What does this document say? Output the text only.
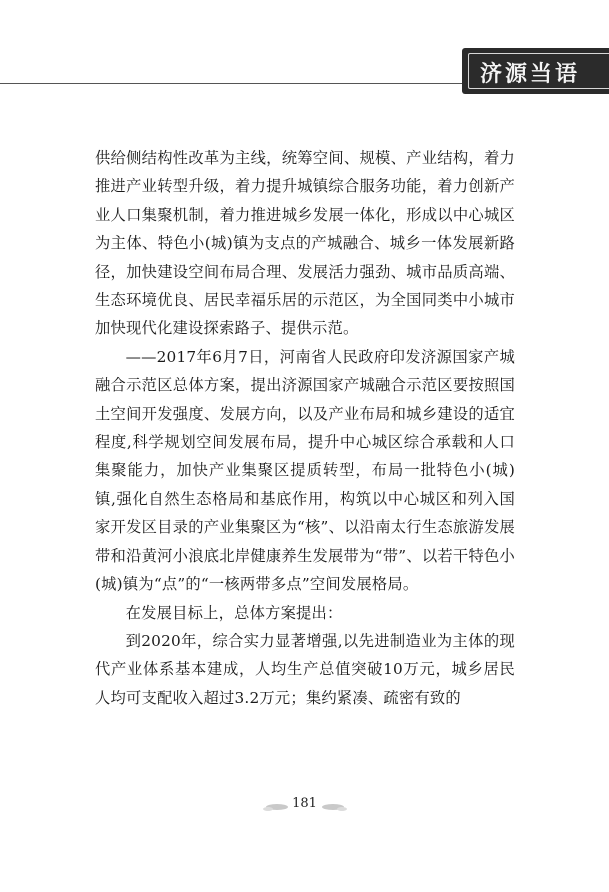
济源当语

供给侧结构性改革为主线，统筹空间、规模、产业结构，着力推进产业转型升级，着力提升城镇综合服务功能，着力创新产业人口集聚机制，着力推进城乡发展一体化，形成以中心城区为主体、特色小(城)镇为支点的产城融合、城乡一体发展新路径，加快建设空间布局合理、发展活力强劲、城市品质高端、生态环境优良、居民幸福乐居的示范区，为全国同类中小城市加快现代化建设探索路子、提供示范。

——2017年6月7日，河南省人民政府印发济源国家产城融合示范区总体方案，提出济源国家产城融合示范区要按照国土空间开发强度、发展方向，以及产业布局和城乡建设的适宜程度,科学规划空间发展布局，提升中心城区综合承载和人口集聚能力，加快产业集聚区提质转型，布局一批特色小(城)镇,强化自然生态格局和基底作用，构筑以中心城区和列入国家开发区目录的产业集聚区为“核”、以沿南太行生态旅游发展带和沿黄河小浪底北岸健康养生发展带为“带”、以若干特色小(城)镇为“点”的“一核两带多点”空间发展格局。

在发展目标上，总体方案提出：

到2020年，综合实力显著增强,以先进制造业为主体的现代产业体系基本建成，人均生产总值突破10万元，城乡居民人均可支配收入超过3.2万元；集约紧凑、疏密有致的

181
